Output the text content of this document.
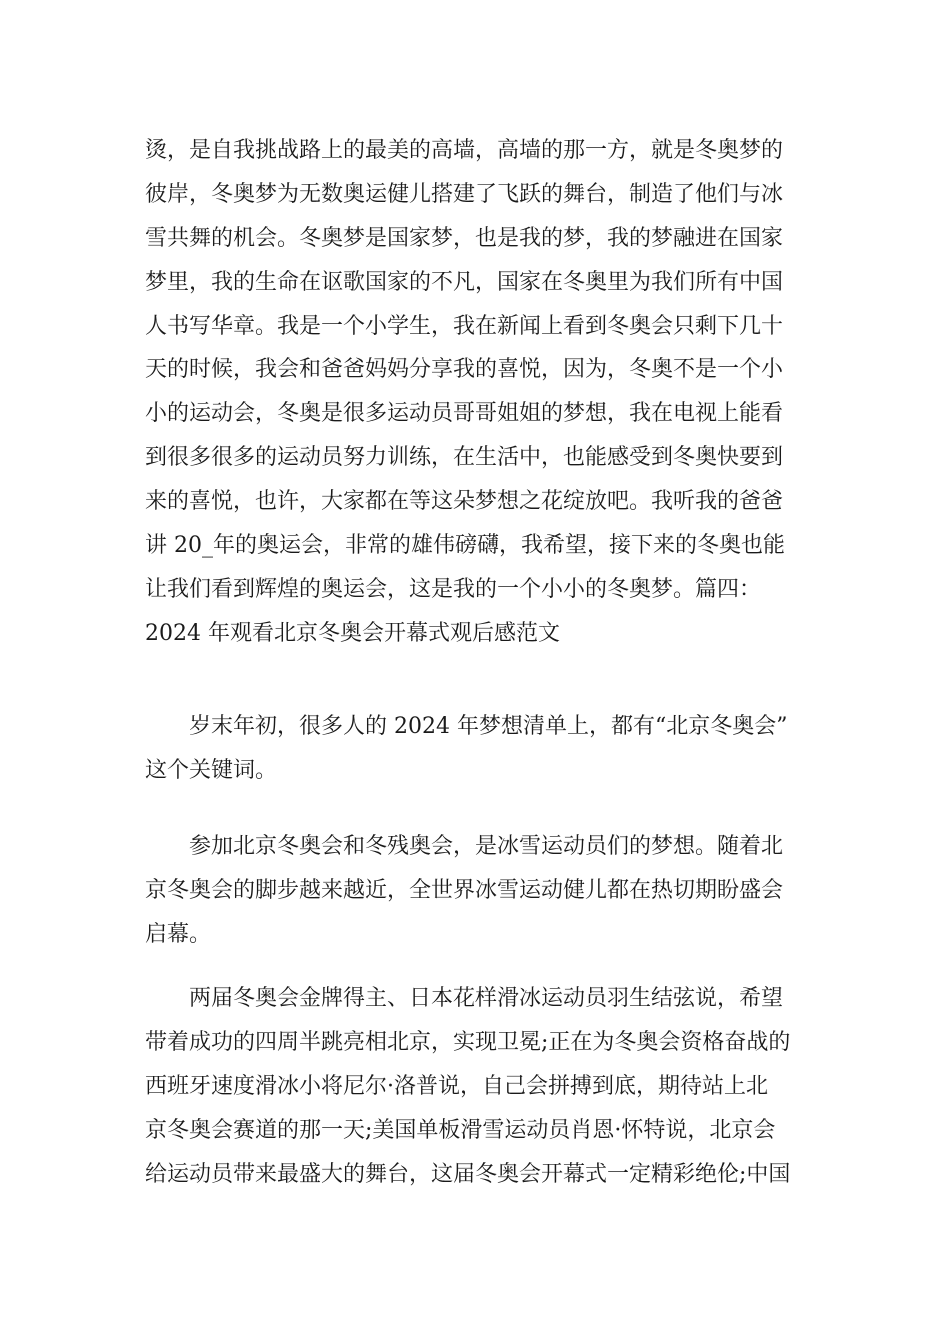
烫，是自我挑战路上的最美的高墙，高墙的那一方，就是冬奥梦的
彼岸，冬奥梦为无数奥运健儿搭建了飞跃的舞台，制造了他们与冰
雪共舞的机会。冬奥梦是国家梦，也是我的梦，我的梦融进在国家
梦里，我的生命在讴歌国家的不凡，国家在冬奥里为我们所有中国
人书写华章。我是一个小学生，我在新闻上看到冬奥会只剩下几十
天的时候，我会和爸爸妈妈分享我的喜悦，因为，冬奥不是一个小
小的运动会，冬奥是很多运动员哥哥姐姐的梦想，我在电视上能看
到很多很多的运动员努力训练，在生活中，也能感受到冬奥快要到
来的喜悦，也许，大家都在等这朵梦想之花绽放吧。我听我的爸爸
讲 20_年的奥运会，非常的雄伟磅礴，我希望，接下来的冬奥也能
让我们看到辉煌的奥运会，这是我的一个小小的冬奥梦。篇四：
2024 年观看北京冬奥会开幕式观后感范文
岁末年初，很多人的 2024 年梦想清单上，都有“北京冬奥会”
这个关键词。
参加北京冬奥会和冬残奥会，是冰雪运动员们的梦想。随着北
京冬奥会的脚步越来越近，全世界冰雪运动健儿都在热切期盼盛会
启幕。
两届冬奥会金牌得主、日本花样滑冰运动员羽生结弦说，希望
带着成功的四周半跳亮相北京，实现卫冕;正在为冬奥会资格奋战的
西班牙速度滑冰小将尼尔·洛普说，自己会拼搏到底，期待站上北
京冬奥会赛道的那一天;美国单板滑雪运动员肖恩·怀特说，北京会
给运动员带来最盛大的舞台，这届冬奥会开幕式一定精彩绝伦;中国
